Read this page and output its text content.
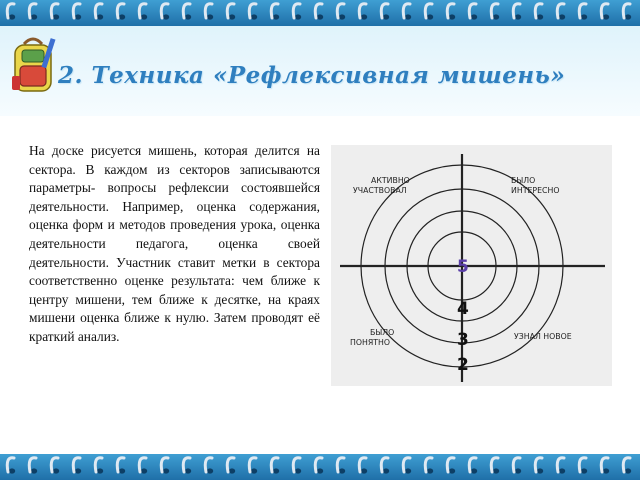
2. Техника «Рефлексивная мишень»
На доске рисуется мишень, которая делится на сектора. В каждом из секторов записываются параметры- вопросы рефлексии состоявшейся деятельности. Например, оценка содержания, оценка форм и методов проведения урока, оценка деятельности педагога, оценка своей деятельности. Участник ставит метки в сектора соответственно оценке результата: чем ближе к центру мишени, тем ближе к десятке, на краях мишени оценка ближе к нулю. Затем проводят её краткий анализ.
АКТИВНО
УЧАСТВОВАЛ
БЫЛО
ИНТЕРЕСНО
БЫЛО
ПОНЯТНО
УЗНАЛ НОВОЕ
5
4
3
2
